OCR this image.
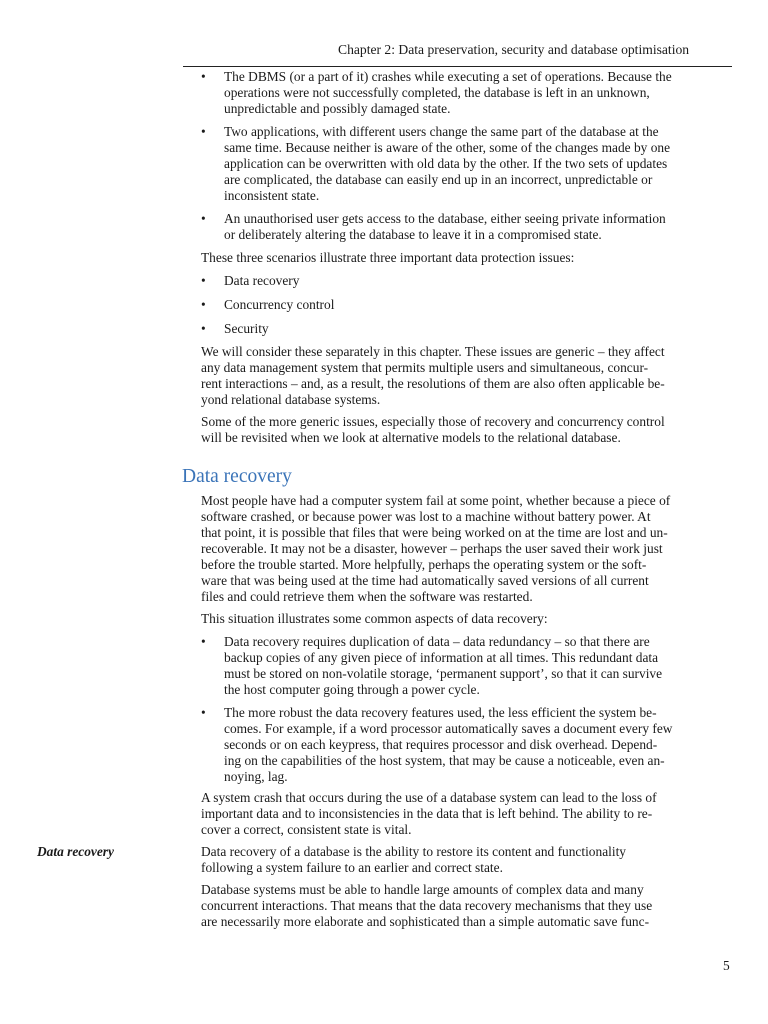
Chapter 2: Data preservation, security and database optimisation
• The DBMS (or a part of it) crashes while executing a set of operations. Because the
operations were not successfully completed, the database is left in an unknown,
unpredictable and possibly damaged state.
• Two applications, with different users change the same part of the database at the
same time. Because neither is aware of the other, some of the changes made by one
application can be overwritten with old data by the other. If the two sets of updates
are complicated, the database can easily end up in an incorrect, unpredictable or
inconsistent state.
• An unauthorised user gets access to the database, either seeing private information
or deliberately altering the database to leave it in a compromised state.
These three scenarios illustrate three important data protection issues:
• Data recovery
• Concurrency control
• Security
We will consider these separately in this chapter. These issues are generic – they affect
any data management system that permits multiple users and simultaneous, concur-
rent interactions – and, as a result, the resolutions of them are also often applicable be-
yond relational database systems.
Some of the more generic issues, especially those of recovery and concurrency control
will be revisited when we look at alternative models to the relational database.
Data recovery
Most people have had a computer system fail at some point, whether because a piece of
software crashed, or because power was lost to a machine without battery power. At
that point, it is possible that files that were being worked on at the time are lost and un-
recoverable. It may not be a disaster, however – perhaps the user saved their work just
before the trouble started. More helpfully, perhaps the operating system or the soft-
ware that was being used at the time had automatically saved versions of all current
files and could retrieve them when the software was restarted.
This situation illustrates some common aspects of data recovery:
• Data recovery requires duplication of data – data redundancy – so that there are
backup copies of any given piece of information at all times. This redundant data
must be stored on non-volatile storage, ‘permanent support’, so that it can survive
the host computer going through a power cycle.
• The more robust the data recovery features used, the less efficient the system be-
comes. For example, if a word processor automatically saves a document every few
seconds or on each keypress, that requires processor and disk overhead. Depend-
ing on the capabilities of the host system, that may be cause a noticeable, even an-
noying, lag.
A system crash that occurs during the use of a database system can lead to the loss of
important data and to inconsistencies in the data that is left behind. The ability to re-
cover a correct, consistent state is vital.
Data recovery	Data recovery of a database is the ability to restore its content and functionality
following a system failure to an earlier and correct state.
Database systems must be able to handle large amounts of complex data and many
concurrent interactions. That means that the data recovery mechanisms that they use
are necessarily more elaborate and sophisticated than a simple automatic save func-
5
